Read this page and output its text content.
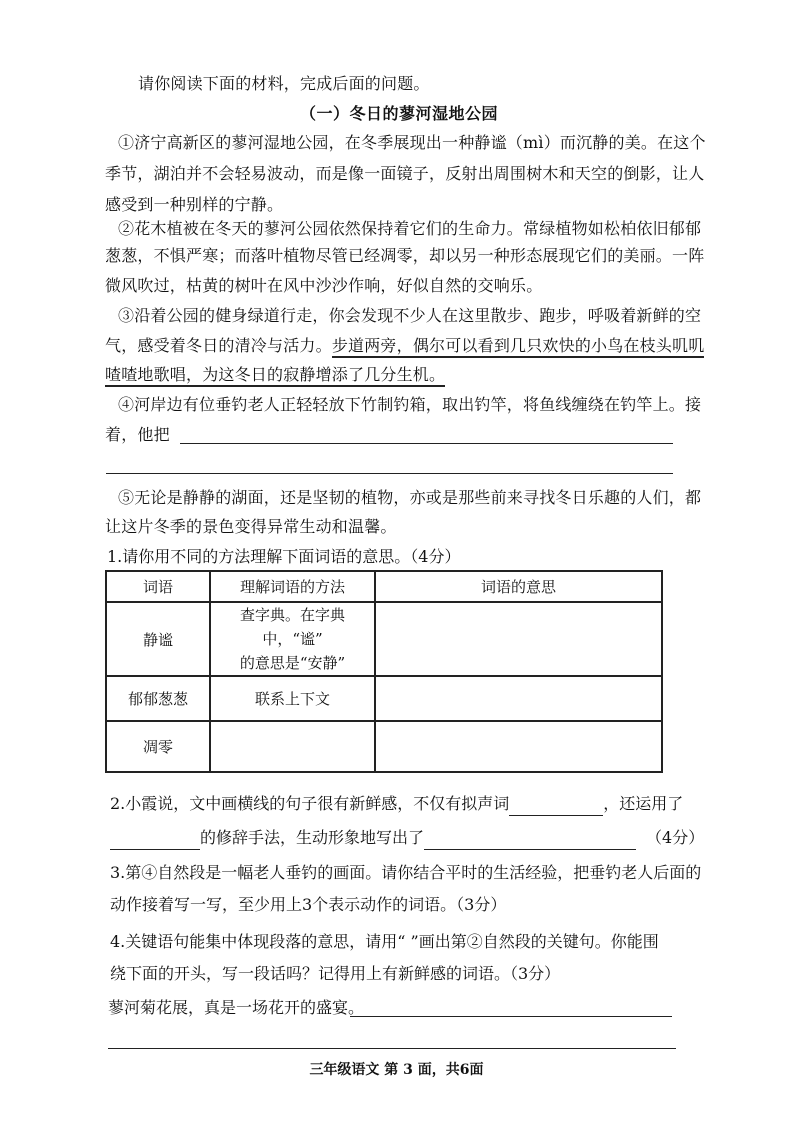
请你阅读下面的材料，完成后面的问题。
（一）冬日的蓼河湿地公园
①济宁高新区的蓼河湿地公园，在冬季展现出一种静谧（mì）而沉静的美。在这个
季节，湖泊并不会轻易波动，而是像一面镜子，反射出周围树木和天空的倒影，让人
感受到一种别样的宁静。
②花木植被在冬天的蓼河公园依然保持着它们的生命力。常绿植物如松柏依旧郁郁
葱葱，不惧严寒；而落叶植物尽管已经凋零，却以另一种形态展现它们的美丽。一阵
微风吹过，枯黄的树叶在风中沙沙作响，好似自然的交响乐。
③沿着公园的健身绿道行走，你会发现不少人在这里散步、跑步，呼吸着新鲜的空
气，感受着冬日的清冷与活力。步道两旁，偶尔可以看到几只欢快的小鸟在枝头叽叽
喳喳地歌唱，为这冬日的寂静增添了几分生机。
④河岸边有位垂钓老人正轻轻放下竹制钓箱，取出钓竿，将鱼线缠绕在钓竿上。接
着，他把
⑤无论是静静的湖面，还是坚韧的植物，亦或是那些前来寻找冬日乐趣的人们，都
让这片冬季的景色变得异常生动和温馨。
1.请你用不同的方法理解下面词语的意思。（4分）
词语	理解词语的方法	词语的意思
静谧	查字典。在字典中，“谧”
的意思是“安静”	
郁郁葱葱	联系上下文	
凋零		
2.小霞说，文中画横线的句子很有新鲜感，不仅有拟声词	，还运用了
的修辞手法，生动形象地写出了	（4分）
3.第④自然段是一幅老人垂钓的画面。请你结合平时的生活经验，把垂钓老人后面的
动作接着写一写，至少用上3个表示动作的词语。（3分）
4.关键语句能集中体现段落的意思，请用“ ”画出第②自然段的关键句。你能围
绕下面的开头，写一段话吗？记得用上有新鲜感的词语。（3分）
蓼河菊花展，真是一场花开的盛宴。
三年级语文 第 3 面，共6面
